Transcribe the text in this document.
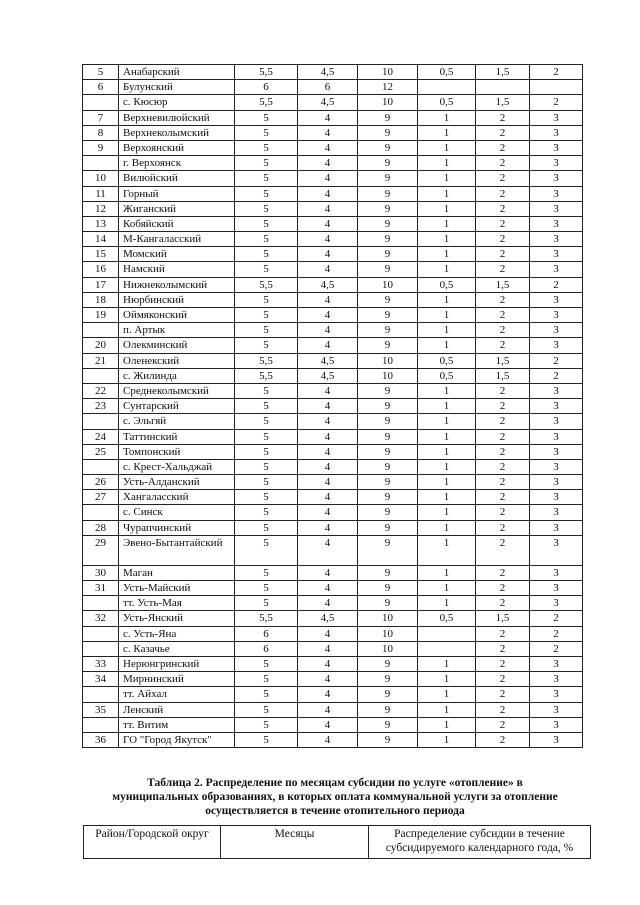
5	Анабарский	5,5	4,5	10	0,5	1,5	2
6	Булунский	6	6	12			
	с. Кюсюр	5,5	4,5	10	0,5	1,5	2
7	Верхневилюйский	5	4	9	1	2	3
8	Верхнеколымский	5	4	9	1	2	3
9	Верхоянский	5	4	9	1	2	3
	г. Верхоянск	5	4	9	1	2	3
10	Вилюйский	5	4	9	1	2	3
11	Горный	5	4	9	1	2	3
12	Жиганский	5	4	9	1	2	3
13	Кобяйский	5	4	9	1	2	3
14	М-Кангаласский	5	4	9	1	2	3
15	Момский	5	4	9	1	2	3
16	Намский	5	4	9	1	2	3
17	Нижнеколымский	5,5	4,5	10	0,5	1,5	2
18	Нюрбинский	5	4	9	1	2	3
19	Оймяконский	5	4	9	1	2	3
	п. Артык	5	4	9	1	2	3
20	Олекминский	5	4	9	1	2	3
21	Оленекский	5,5	4,5	10	0,5	1,5	2
	с. Жилинда	5,5	4,5	10	0,5	1,5	2
22	Среднеколымский	5	4	9	1	2	3
23	Сунтарский	5	4	9	1	2	3
	с. Эльгяй	5	4	9	1	2	3
24	Таттинский	5	4	9	1	2	3
25	Томпонский	5	4	9	1	2	3
	с. Крест-Хальджай	5	4	9	1	2	3
26	Усть-Алданский	5	4	9	1	2	3
27	Хангаласский	5	4	9	1	2	3
	с. Синск	5	4	9	1	2	3
28	Чурапчинский	5	4	9	1	2	3
29	Эвено-Бытантайский	5	4	9	1	2	3
30	Маган	5	4	9	1	2	3
31	Усть-Майский	5	4	9	1	2	3
	тт. Усть-Мая	5	4	9	1	2	3
32	Усть-Янский	5,5	4,5	10	0,5	1,5	2
	с. Усть-Яна	6	4	10		2	2
	с. Казачье	6	4	10		2	2
33	Нерюнгринский	5	4	9	1	2	3
34	Мирнинский	5	4	9	1	2	3
	тт. Айхал	5	4	9	1	2	3
35	Ленский	5	4	9	1	2	3
	тт. Витим	5	4	9	1	2	3
36	ГО "Город Якутск"	5	4	9	1	2	3
Таблица 2. Распределение по месяцам субсидии по услуге «отопление» в
муниципальных образованиях, в которых оплата коммунальной услуги за отопление
осуществляется в течение отопительного периода
Район/Городской округ	Месяцы	Распределение субсидии в течение субсидируемого календарного года, %
